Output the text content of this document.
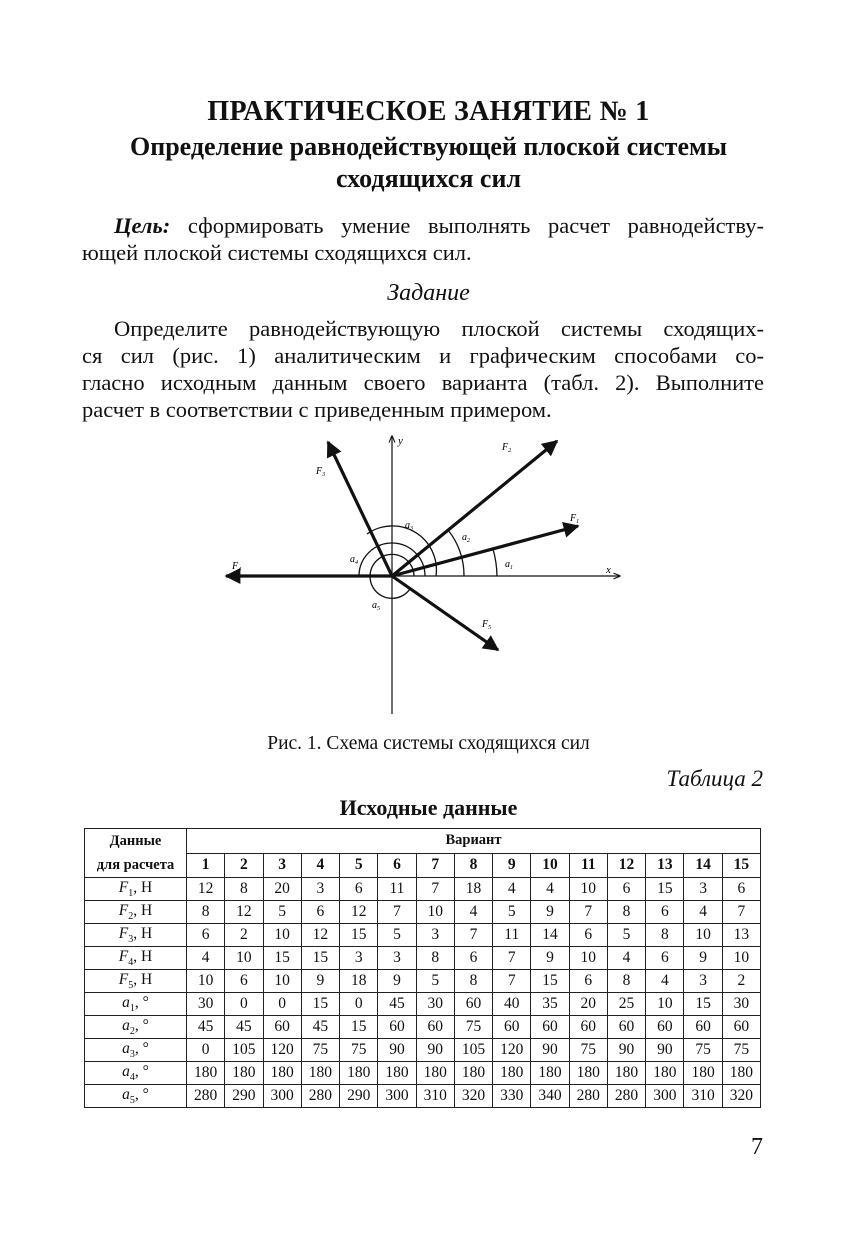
ПРАКТИЧЕСКОЕ ЗАНЯТИЕ № 1
Определение равнодействующей плоской системы
сходящихся сил
Цель: сформировать умение выполнять расчет равнодейству-
ющей плоской системы сходящихся сил.
Задание
Определите равнодействующую плоской системы сходящих-
ся сил (рис. 1) аналитическим и графическим способами со-
гласно исходным данным своего варианта (табл. 2). Выполните
расчет в соответствии с приведенным примером.
x
y
$F_1$
$F_2$
$F_3$
$F_4$
$F_5$
$a_1$
$a_2$
$a_3$
$a_4$
$a_5$
Рис. 1. Схема системы сходящихся сил
Таблица 2
Исходные данные
Данные
для расчета	Вариант														
	1	2	3	4	5	6	7	8	9	10	11	12	13	14	15
$F_1$, Н	12	8	20	3	6	11	7	18	4	4	10	6	15	3	6
$F_2$, Н	8	12	5	6	12	7	10	4	5	9	7	8	6	4	7
$F_3$, Н	6	2	10	12	15	5	3	7	11	14	6	5	8	10	13
$F_4$, Н	4	10	15	15	3	3	8	6	7	9	10	4	6	9	10
$F_5$, Н	10	6	10	9	18	9	5	8	7	15	6	8	4	3	2
$a_1$, °	30	0	0	15	0	45	30	60	40	35	20	25	10	15	30
$a_2$, °	45	45	60	45	15	60	60	75	60	60	60	60	60	60	60
$a_3$, °	0	105	120	75	75	90	90	105	120	90	75	90	90	75	75
$a_4$, °	180	180	180	180	180	180	180	180	180	180	180	180	180	180	180
$a_5$, °	280	290	300	280	290	300	310	320	330	340	280	280	300	310	320
7
